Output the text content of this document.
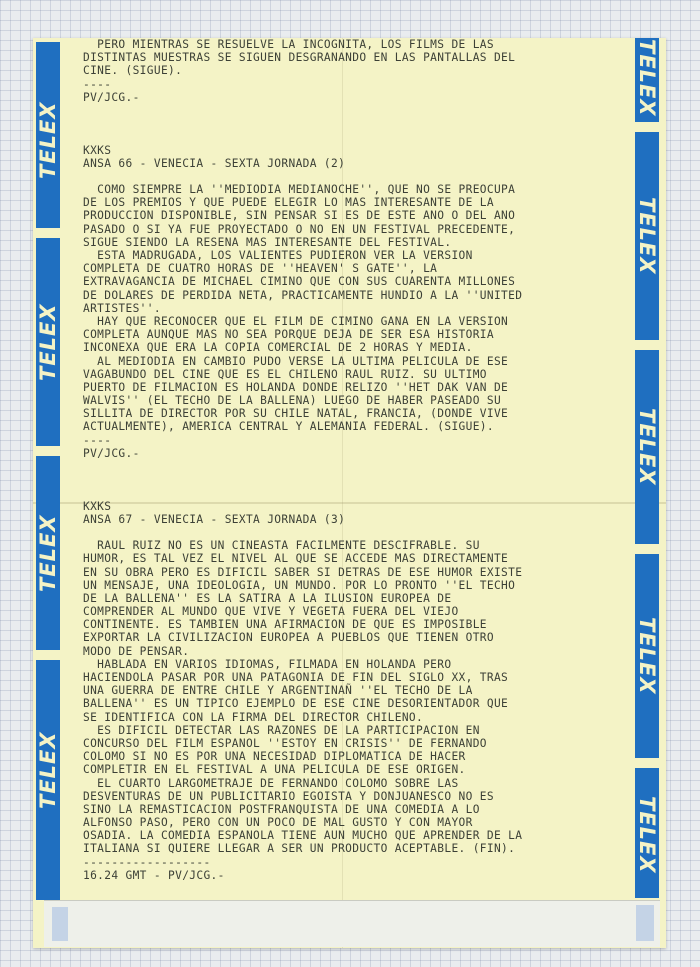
TELEX
TELEX
TELEX
TELEX
TELEX
TELEX
TELEX
TELEX
TELEX
PERO MIENTRAS SE RESUELVE LA INCOGNITA, LOS FILMS DE LAS
DISTINTAS MUESTRAS SE SIGUEN DESGRANANDO EN LAS PANTALLAS DEL
CINE. (SIGUE).
----
PV/JCG.-
KXKS
ANSA 66 - VENECIA - SEXTA JORNADA (2)
COMO SIEMPRE LA ''MEDIODIA MEDIANOCHE'', QUE NO SE PREOCUPA
DE LOS PREMIOS Y QUE PUEDE ELEGIR LO MAS INTERESANTE DE LA
PRODUCCION DISPONIBLE, SIN PENSAR SI ES DE ESTE ANO O DEL ANO
PASADO O SI YA FUE PROYECTADO O NO EN UN FESTIVAL PRECEDENTE,
SIGUE SIENDO LA RESENA MAS INTERESANTE DEL FESTIVAL.
ESTA MADRUGADA, LOS VALIENTES PUDIERON VER LA VERSION
COMPLETA DE CUATRO HORAS DE ''HEAVEN' S GATE'', LA
EXTRAVAGANCIA DE MICHAEL CIMINO QUE CON SUS CUARENTA MILLONES
DE DOLARES DE PERDIDA NETA, PRACTICAMENTE HUNDIO A LA ''UNITED
ARTISTES''.
HAY QUE RECONOCER QUE EL FILM DE CIMINO GANA EN LA VERSION
COMPLETA AUNQUE MAS NO SEA PORQUE DEJA DE SER ESA HISTORIA
INCONEXA QUE ERA LA COPIA COMERCIAL DE 2 HORAS Y MEDIA.
AL MEDIODIA EN CAMBIO PUDO VERSE LA ULTIMA PELICULA DE ESE
VAGABUNDO DEL CINE QUE ES EL CHILENO RAUL RUIZ. SU ULTIMO
PUERTO DE FILMACION ES HOLANDA DONDE RELIZO ''HET DAK VAN DE
WALVIS'' (EL TECHO DE LA BALLENA) LUEGO DE HABER PASEADO SU
SILLITA DE DIRECTOR POR SU CHILE NATAL, FRANCIA, (DONDE VIVE
ACTUALMENTE), AMERICA CENTRAL Y ALEMANIA FEDERAL. (SIGUE).
----
PV/JCG.-
KXKS
ANSA 67 - VENECIA - SEXTA JORNADA (3)
RAUL RUIZ NO ES UN CINEASTA FACILMENTE DESCIFRABLE. SU
HUMOR, ES TAL VEZ EL NIVEL AL QUE SE ACCEDE MAS DIRECTAMENTE
EN SU OBRA PERO ES DIFICIL SABER SI DETRAS DE ESE HUMOR EXISTE
UN MENSAJE, UNA IDEOLOGIA, UN MUNDO. POR LO PRONTO ''EL TECHO
DE LA BALLENA'' ES LA SATIRA A LA ILUSION EUROPEA DE
COMPRENDER AL MUNDO QUE VIVE Y VEGETA FUERA DEL VIEJO
CONTINENTE. ES TAMBIEN UNA AFIRMACION DE QUE ES IMPOSIBLE
EXPORTAR LA CIVILIZACION EUROPEA A PUEBLOS QUE TIENEN OTRO
MODO DE PENSAR.
HABLADA EN VARIOS IDIOMAS, FILMADA EN HOLANDA PERO
HACIENDOLA PASAR POR UNA PATAGONIA DE FIN DEL SIGLO XX, TRAS
UNA GUERRA DE ENTRE CHILE Y ARGENTINAÑ ''EL TECHO DE LA
BALLENA'' ES UN TIPICO EJEMPLO DE ESE CINE DESORIENTADOR QUE
SE IDENTIFICA CON LA FIRMA DEL DIRECTOR CHILENO.
ES DIFICIL DETECTAR LAS RAZONES DE LA PARTICIPACION EN
CONCURSO DEL FILM ESPANOL ''ESTOY EN CRISIS'' DE FERNANDO
COLOMO SI NO ES POR UNA NECESIDAD DIPLOMATICA DE HACER
COMPLETIR EN EL FESTIVAL A UNA PELICULA DE ESE ORIGEN.
EL CUARTO LARGOMETRAJE DE FERNANDO COLOMO SOBRE LAS
DESVENTURAS DE UN PUBLICITARIO EGOISTA Y DONJUANESCO NO ES
SINO LA REMASTICACION POSTFRANQUISTA DE UNA COMEDIA A LO
ALFONSO PASO, PERO CON UN POCO DE MAL GUSTO Y CON MAYOR
OSADIA. LA COMEDIA ESPANOLA TIENE AUN MUCHO QUE APRENDER DE LA
ITALIANA SI QUIERE LLEGAR A SER UN PRODUCTO ACEPTABLE. (FIN).
------------------
16.24 GMT - PV/JCG.-
